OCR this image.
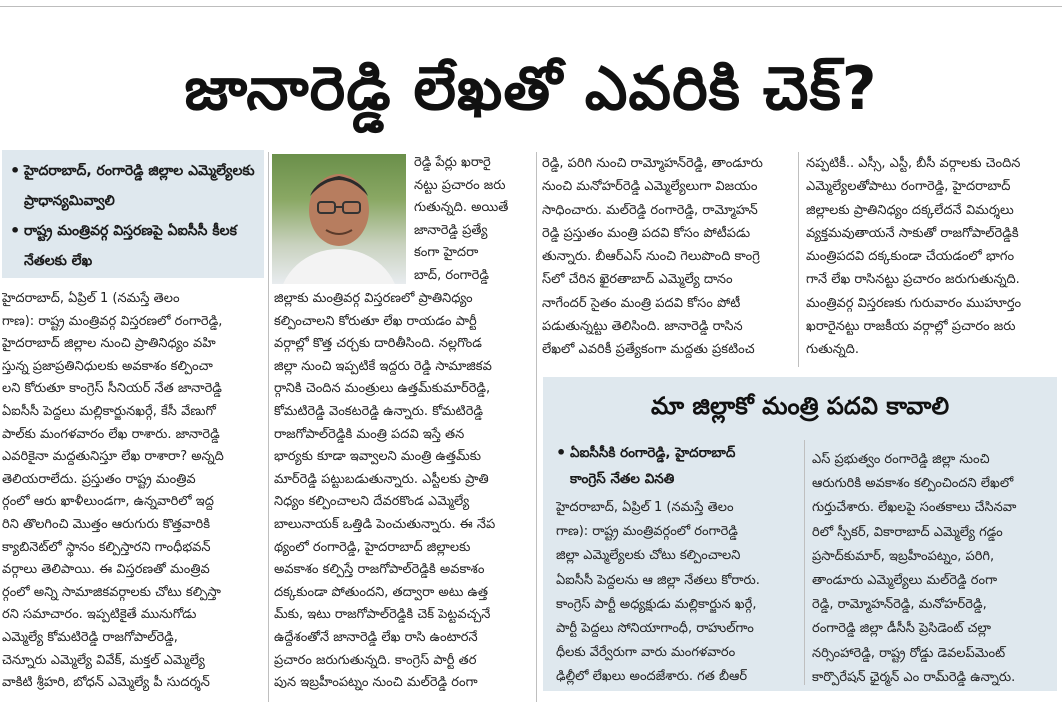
జానారెడ్డి లేఖతో ఎవరికి చెక్?
• హైదరాబాద్, రంగారెడ్డి జిల్లాల ఎమ్మెల్యేలకు ప్రాధాన్యమివ్వాలి
• రాష్ట్ర మంత్రివర్గ విస్తరణపై ఏఐసీసీ కీలక నేతలకు లేఖ
హైదరాబాద్, ఏప్రిల్ 1 (నమస్తే తెలం
గాణ): రాష్ట్ర మంత్రివర్గ విస్తరణలో రంగారెడ్డి,
హైదరాబాద్ జిల్లాల నుంచి ప్రాతినిధ్యం వహి
స్తున్న ప్రజాప్రతినిధులకు అవకాశం కల్పించా
లని కోరుతూ కాంగ్రెస్ సీనియర్ నేత జానారెడ్డి
ఏఐసీసీ పెద్దలు మల్లికార్జునఖర్గే, కేసీ వేణుగో
పాల్‌కు మంగళవారం లేఖ రాశారు. జానారెడ్డి
ఎవరికైనా మద్దతునిస్తూ లేఖ రాశారా? అన్నది
తెలియరాలేదు. ప్రస్తుతం రాష్ట్ర మంత్రివ
ర్గంలో ఆరు ఖాళీలుండగా, ఉన్నవారిలో ఇద్ద
రిని తొలగించి మొత్తం ఆరుగురు కొత్తవారికి
క్యాబినెట్‌లో స్థానం కల్పిస్తారని గాంధీభవన్
వర్గాలు తెలిపాయి. ఈ విస్తరణతో మంత్రివ
ర్గంలో అన్ని సామాజికవర్గాలకు చోటు కల్పిస్తా
రని సమాచారం. ఇప్పటికైతే మునుగోడు
ఎమ్మెల్యే కోమటిరెడ్డి రాజగోపాల్‌రెడ్డి,
చెన్నూరు ఎమ్మెల్యే వివేక్, మక్తల్ ఎమ్మెల్యే
వాకిటి శ్రీహరి, బోధన్ ఎమ్మెల్యే పీ సుదర్శన్
రెడ్డి పేర్లు ఖరారై
నట్టు ప్రచారం జరు
గుతున్నది. అయితే
జానారెడ్డి ప్రత్యే
కంగా హైదరా
బాద్, రంగారెడ్డి
జిల్లాకు మంత్రివర్గ విస్తరణలో ప్రాతినిధ్యం
కల్పించాలని కోరుతూ లేఖ రాయడం పార్టీ
వర్గాల్లో కొత్త చర్చకు దారితీసింది. నల్లగొండ
జిల్లా నుంచి ఇప్పటికే ఇద్దరు రెడ్డి సామాజికవ
ర్గానికి చెందిన మంత్రులు ఉత్తమ్‌కుమార్‌రెడ్డి,
కోమటిరెడ్డి వెంకటరెడ్డి ఉన్నారు. కోమటిరెడ్డి
రాజగోపాల్‌రెడ్డికి మంత్రి పదవి ఇస్తే తన
భార్యకు కూడా ఇవ్వాలని మంత్రి ఉత్తమ్‌కు
మార్‌రెడ్డి పట్టుబడుతున్నారు. ఎస్టీలకు ప్రాతి
నిధ్యం కల్పించాలని దేవరకొండ ఎమ్మెల్యే
బాలునాయక్ ఒత్తిడి పెంచుతున్నారు. ఈ నేప
థ్యంలో రంగారెడ్డి, హైదరాబాద్ జిల్లాలకు
అవకాశం కల్పిస్తే రాజగోపాల్‌రెడ్డికి అవకాశం
దక్కకుండా పోతుందని, తద్వారా అటు ఉత్త
మ్‌కు, ఇటు రాజగోపాల్‌రెడ్డికి చెక్ పెట్టవచ్చనే
ఉద్దేశంతోనే జానారెడ్డి లేఖ రాసి ఉంటారనే
ప్రచారం జరుగుతున్నది. కాంగ్రెస్ పార్టీ తర
పున ఇబ్రహీంపట్నం నుంచి మల్‌రెడ్డి రంగా
రెడ్డి, పరిగి నుంచి రామ్మోహన్‌రెడ్డి, తాండూరు
నుంచి మనోహర్‌రెడ్డి ఎమ్మెల్యేలుగా విజయం
సాధించారు. మల్‌రెడ్డి రంగారెడ్డి, రామ్మోహన్
రెడ్డి ప్రస్తుతం మంత్రి పదవి కోసం పోటీపడు
తున్నారు. బీఆర్‌ఎస్ నుంచి గెలుపొంది కాంగ్రె
స్‌లో చేరిన ఖైరతాబాద్ ఎమ్మెల్యే దానం
నాగేందర్ సైతం మంత్రి పదవి కోసం పోటీ
పడుతున్నట్టు తెలిసింది. జానారెడ్డి రాసిన
లేఖలో ఎవరికీ ప్రత్యేకంగా మద్దతు ప్రకటించ
నప్పటికీ.. ఎస్సీ, ఎస్టీ, బీసీ వర్గాలకు చెందిన
ఎమ్మెల్యేలతోపాటు రంగారెడ్డి, హైదరాబాద్
జిల్లాలకు ప్రాతినిధ్యం దక్కలేదనే విమర్శలు
వ్యక్తమవుతాయనే సాకుతో రాజగోపాల్‌రెడ్డికి
మంత్రిపదవి దక్కకుండా చేయడంలో భాగం
గానే లేఖ రాసినట్టు ప్రచారం జరుగుతున్నది.
మంత్రివర్గ విస్తరణకు గురువారం ముహూర్తం
ఖరారైనట్టు రాజకీయ వర్గాల్లో ప్రచారం జరు
గుతున్నది.
మా జిల్లాకో మంత్రి పదవి కావాలి
• ఏఐసీసీకి రంగారెడ్డి, హైదరాబాద్
కాంగ్రెస్ నేతల వినతి
హైదరాబాద్, ఏప్రిల్ 1 (నమస్తే తెలం
గాణ): రాష్ట్ర మంత్రివర్గంలో రంగారెడ్డి
జిల్లా ఎమ్మెల్యేలకు చోటు కల్పించాలని
ఏఐసీసీ పెద్దలను ఆ జిల్లా నేతలు కోరారు.
కాంగ్రెస్ పార్టీ అధ్యక్షుడు మల్లికార్జున ఖర్గే,
పార్టీ పెద్దలు సోనియాగాంధీ, రాహుల్‌గాం
ధీలకు వేర్వేరుగా వారు మంగళవారం
ఢిల్లీలో లేఖలు అందజేశారు. గత బీఆర్
ఎస్ ప్రభుత్వం రంగారెడ్డి జిల్లా నుంచి
ఆరుగురికి అవకాశం కల్పించిందని లేఖలో
గుర్తుచేశారు. లేఖలపై సంతకాలు చేసినవా
రిలో స్పీకర్, వికారాబాద్ ఎమ్మెల్యే గడ్డం
ప్రసాద్‌కుమార్, ఇబ్రహీంపట్నం, పరిగి,
తాండూరు ఎమ్మెల్యేలు మల్‌రెడ్డి రంగా
రెడ్డి, రామ్మోహన్‌రెడ్డి, మనోహర్‌రెడ్డి,
రంగారెడ్డి జిల్లా డీసీసీ ప్రెసిడెంట్ చల్లా
నర్సింహారెడ్డి, రాష్ట్ర రోడ్డు డెవలప్‌మెంట్
కార్పొరేషన్ ఛైర్మన్ ఎం రామ్‌రెడ్డి ఉన్నారు.
